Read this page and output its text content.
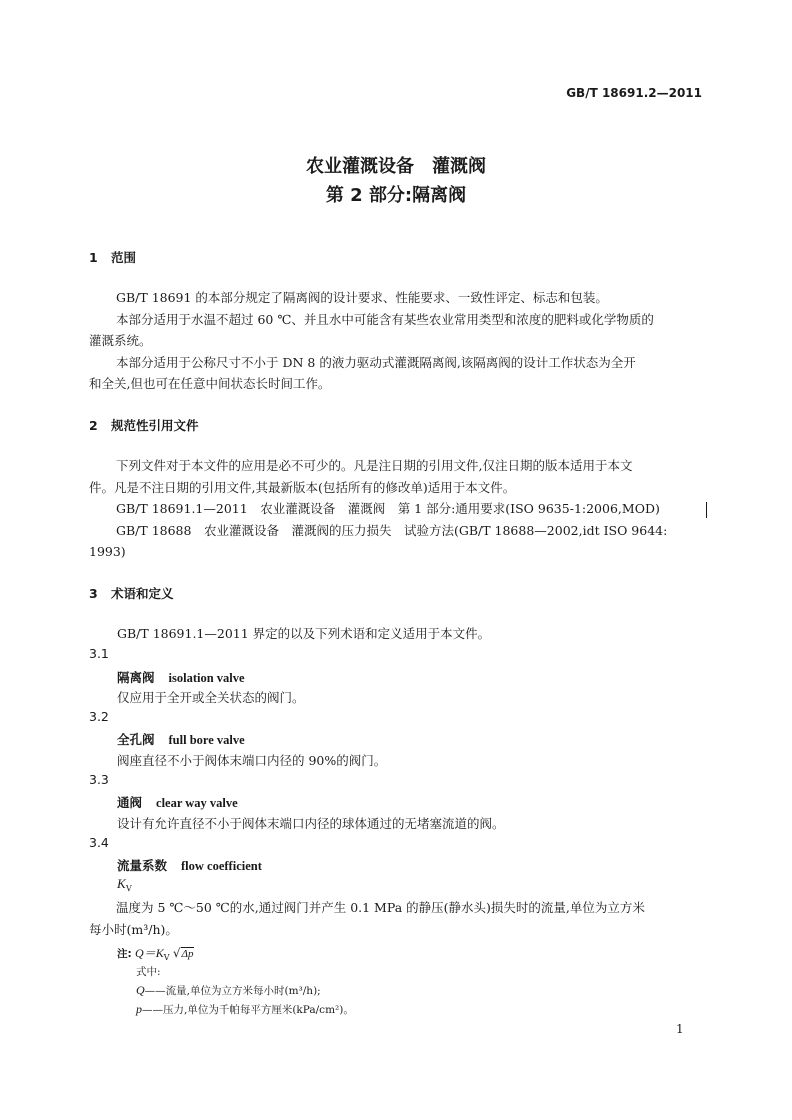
GB/T 18691.2—2011
农业灌溉设备　灌溉阀
第 2 部分:隔离阀
1 范围
GB/T 18691 的本部分规定了隔离阀的设计要求、性能要求、一致性评定、标志和包装。
本部分适用于水温不超过 60 ℃、并且水中可能含有某些农业常用类型和浓度的肥料或化学物质的
灌溉系统。
本部分适用于公称尺寸不小于 DN 8 的液力驱动式灌溉隔离阀,该隔离阀的设计工作状态为全开
和全关,但也可在任意中间状态长时间工作。
2 规范性引用文件
下列文件对于本文件的应用是必不可少的。凡是注日期的引用文件,仅注日期的版本适用于本文
件。凡是不注日期的引用文件,其最新版本(包括所有的修改单)适用于本文件。
GB/T 18691.1—2011　农业灌溉设备　灌溉阀　第 1 部分:通用要求(ISO 9635-1:2006,MOD)
GB/T 18688　农业灌溉设备　灌溉阀的压力损失　试验方法(GB/T 18688—2002,idt ISO 9644:
1993)
3 术语和定义
GB/T 18691.1—2011 界定的以及下列术语和定义适用于本文件。
3.1
隔离阀 isolation valve
仅应用于全开或全关状态的阀门。
3.2
全孔阀 full bore valve
阀座直径不小于阀体末端口内径的 90%的阀门。
3.3
通阀 clear way valve
设计有允许直径不小于阀体末端口内径的球体通过的无堵塞流道的阀。
3.4
流量系数 flow coefficient
$K_V$
温度为 5 ℃～50 ℃的水,通过阀门并产生 0.1 MPa 的静压(静水头)损失时的流量,单位为立方米
每小时(m³/h)。
注: $Q=K_V$ √Δp
式中:
Q——流量,单位为立方米每小时(m³/h);
p——压力,单位为千帕每平方厘米(kPa/cm²)。
1
